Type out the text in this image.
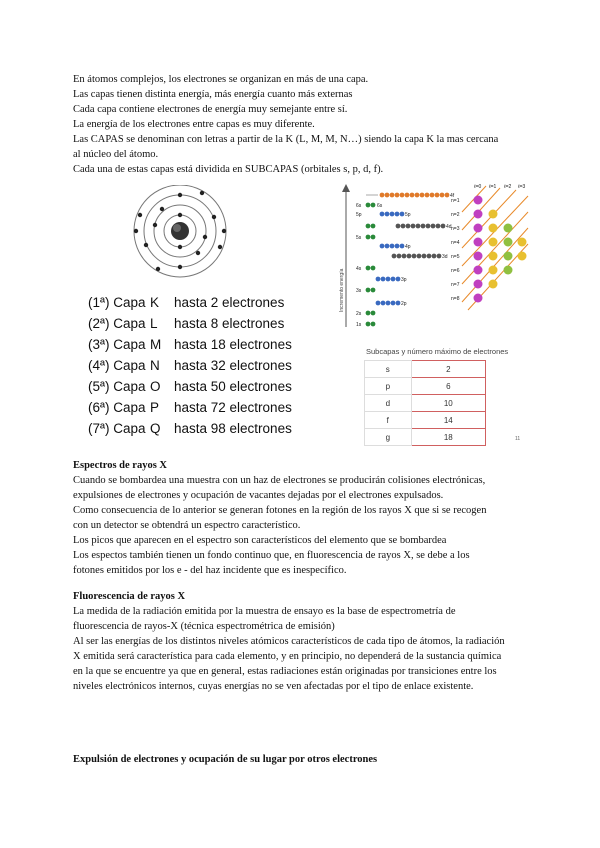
En átomos complejos, los electrones se organizan en más de una capa.
Las capas tienen distinta energía, más energía cuanto más externas
Cada capa contiene electrones de energía muy semejante entre sí.
La energía de los electrones entre capas es muy diferente.
Las CAPAS se denominan con letras a partir de la K (L, M, M, N…) siendo la capa K la mas cercana
al núcleo del átomo.
Cada una de estas capas está dividida en SUBCAPAS (orbitales s, p, d, f).
(1ª) Capa K hasta 2 electrones
(2ª) Capa L hasta 8 electrones
(3ª) Capa M hasta 18 electrones
(4ª) Capa N hasta 32 electrones
(5ª) Capa O hasta 50 electrones
(6ª) Capa P hasta 72 electrones
(7ª) Capa Q hasta 98 electrones
Incremento energía
4f
6s	6s
5p	5p
4d
5s
4p
3d
4s
3p
3s
2p
2s
1s
ℓ=0 ℓ=1 ℓ=2 ℓ=3
n=1
n=2
n=3
n=4
n=5
n=6
n=7
n=8
Subcapas y número máximo de electrones
s	2
p	6
d	10
f	14
g	18	11
Espectros de rayos X
Cuando se bombardea una muestra con un haz de electrones se producirán colisiones electrónicas,
expulsiones de electrones y ocupación de vacantes dejadas por el electrones expulsados.
Como consecuencia de lo anterior se generan fotones en la región de los rayos X que si se recogen
con un detector se obtendrá un espectro característico.
Los picos que aparecen en el espectro son característicos del elemento que se bombardea
Los espectos también tienen un fondo continuo que, en fluorescencia de rayos X, se debe a los
fotones emitidos por los e - del haz incidente que es inespecífico.
Fluorescencia de rayos X
La medida de la radiación emitida por la muestra de ensayo es la base de espectrometría de
fluorescencia de rayos-X (técnica espectrométrica de emisión)
Al ser las energías de los distintos niveles atómicos característicos de cada tipo de átomos, la radiación
X emitida será característica para cada elemento, y en principio, no dependerá de la sustancia química
en la que se encuentre ya que en general, estas radiaciones están originadas por transiciones entre los
niveles electrónicos internos, cuyas energías no se ven afectadas por el tipo de enlace existente.
Expulsión de electrones y ocupación de su lugar por otros electrones
